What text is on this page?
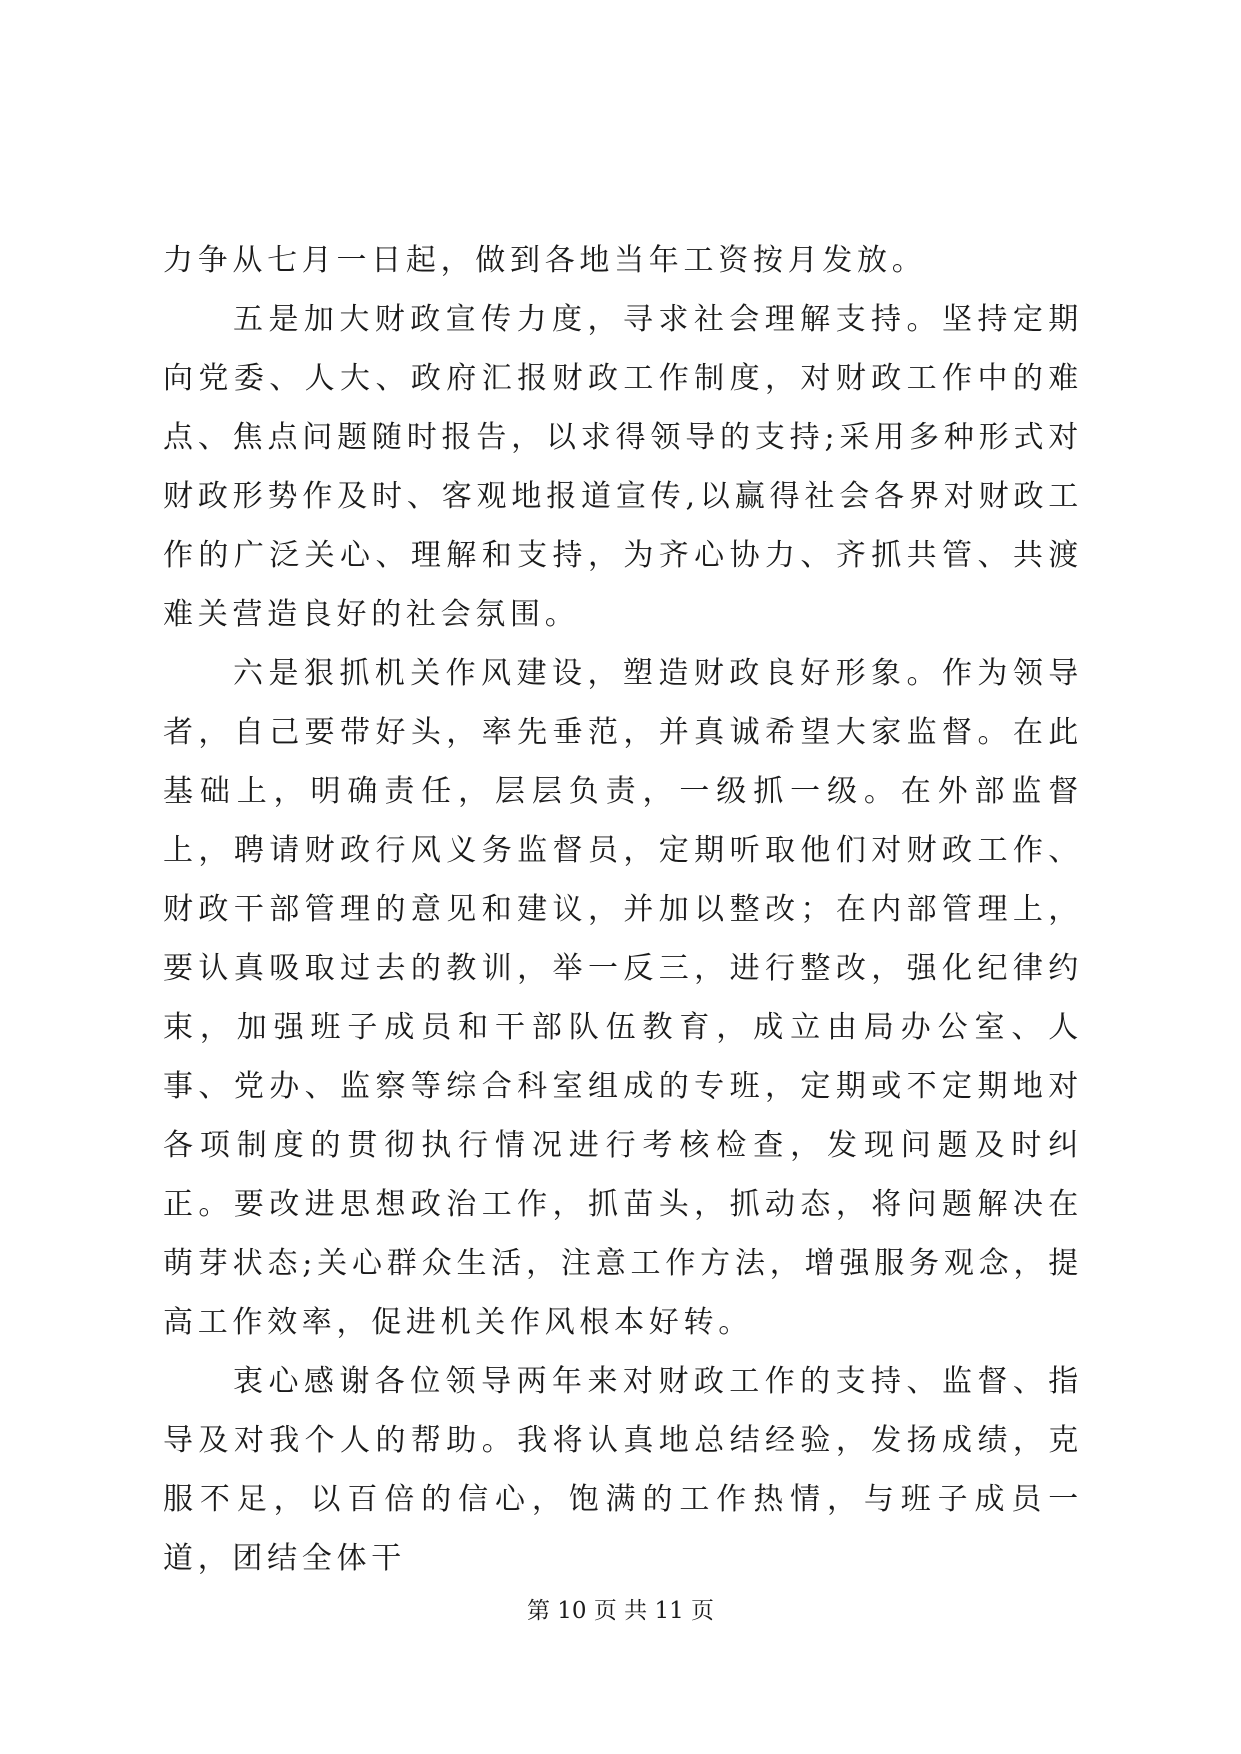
力争从七月一日起，做到各地当年工资按月发放。

五是加大财政宣传力度，寻求社会理解支持。坚持定期向党委、人大、政府汇报财政工作制度，对财政工作中的难点、焦点问题随时报告，以求得领导的支持;采用多种形式对财政形势作及时、客观地报道宣传,以赢得社会各界对财政工作的广泛关心、理解和支持，为齐心协力、齐抓共管、共渡难关营造良好的社会氛围。

六是狠抓机关作风建设，塑造财政良好形象。作为领导者，自己要带好头，率先垂范，并真诚希望大家监督。在此基础上，明确责任，层层负责，一级抓一级。在外部监督上，聘请财政行风义务监督员，定期听取他们对财政工作、财政干部管理的意见和建议，并加以整改；在内部管理上，要认真吸取过去的教训，举一反三，进行整改，强化纪律约束，加强班子成员和干部队伍教育，成立由局办公室、人事、党办、监察等综合科室组成的专班，定期或不定期地对各项制度的贯彻执行情况进行考核检查，发现问题及时纠正。要改进思想政治工作，抓苗头，抓动态，将问题解决在萌芽状态;关心群众生活，注意工作方法，增强服务观念，提高工作效率，促进机关作风根本好转。

衷心感谢各位领导两年来对财政工作的支持、监督、指导及对我个人的帮助。我将认真地总结经验，发扬成绩，克服不足，以百倍的信心，饱满的工作热情，与班子成员一道，团结全体干

第 10 页 共 11 页
